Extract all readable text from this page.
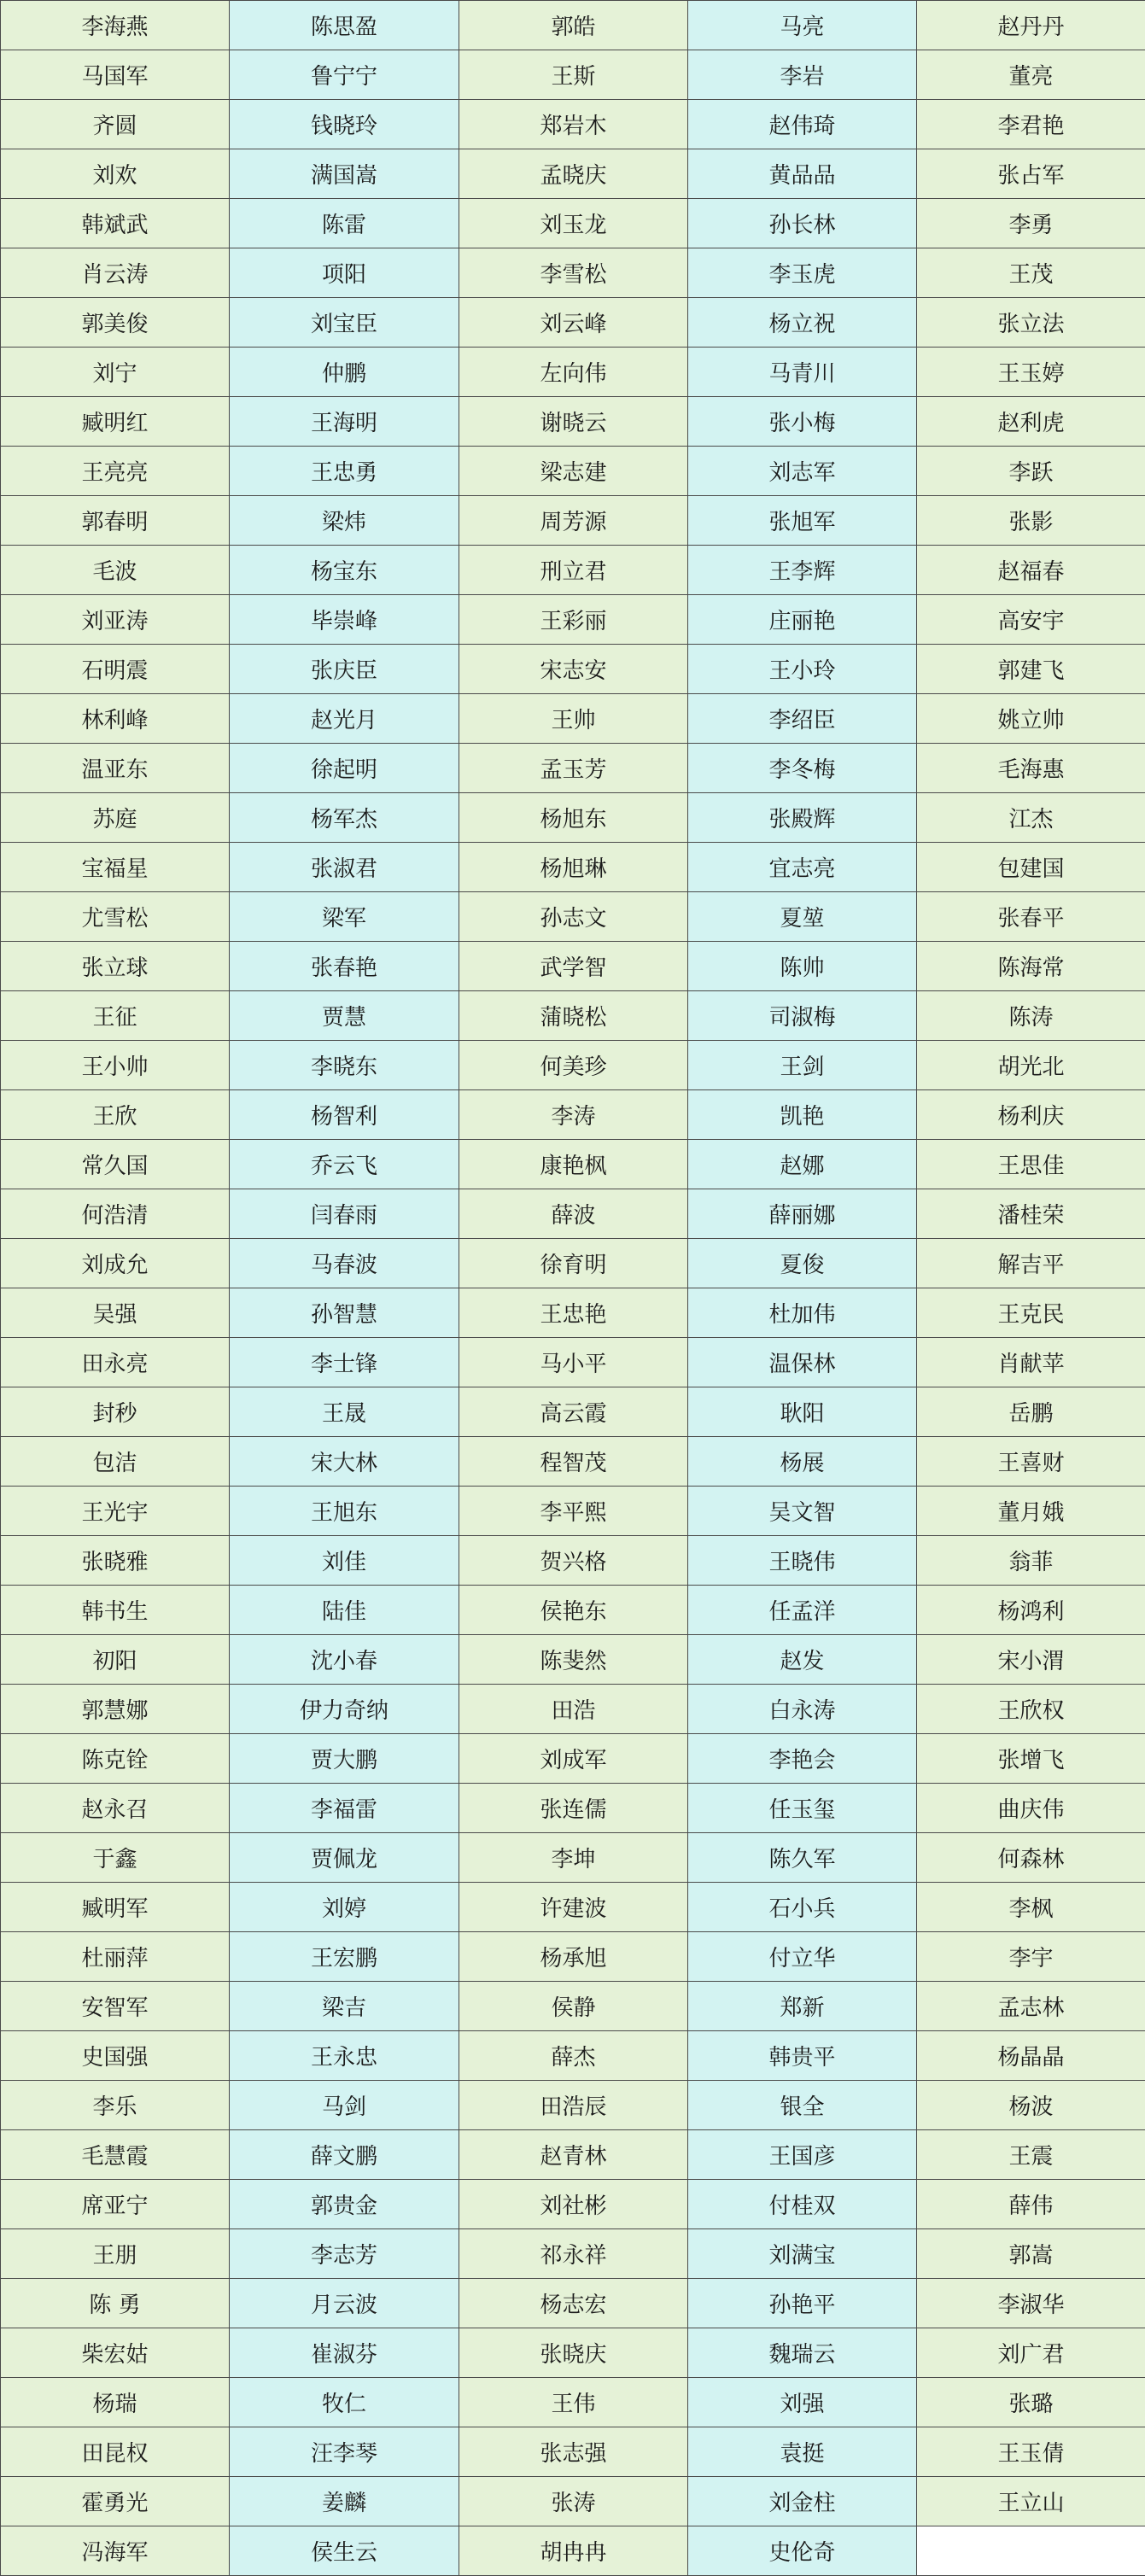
李海燕	陈思盈	郭皓	马亮	赵丹丹
马国军	鲁宁宁	王斯	李岩	董亮
齐圆	钱晓玲	郑岩木	赵伟琦	李君艳
刘欢	满国嵩	孟晓庆	黄品品	张占军
韩斌武	陈雷	刘玉龙	孙长林	李勇
肖云涛	项阳	李雪松	李玉虎	王茂
郭美俊	刘宝臣	刘云峰	杨立祝	张立法
刘宁	仲鹏	左向伟	马青川	王玉婷
臧明红	王海明	谢晓云	张小梅	赵利虎
王亮亮	王忠勇	梁志建	刘志军	李跃
郭春明	梁炜	周芳源	张旭军	张影
毛波	杨宝东	刑立君	王李辉	赵福春
刘亚涛	毕崇峰	王彩丽	庄丽艳	高安宇
石明震	张庆臣	宋志安	王小玲	郭建飞
林利峰	赵光月	王帅	李绍臣	姚立帅
温亚东	徐起明	孟玉芳	李冬梅	毛海惠
苏庭	杨军杰	杨旭东	张殿辉	江杰
宝福星	张淑君	杨旭琳	宜志亮	包建国
尤雪松	梁军	孙志文	夏堃	张春平
张立球	张春艳	武学智	陈帅	陈海常
王征	贾慧	蒲晓松	司淑梅	陈涛
王小帅	李晓东	何美珍	王剑	胡光北
王欣	杨智利	李涛	凯艳	杨利庆
常久国	乔云飞	康艳枫	赵娜	王思佳
何浩清	闫春雨	薛波	薛丽娜	潘桂荣
刘成允	马春波	徐育明	夏俊	解吉平
吴强	孙智慧	王忠艳	杜加伟	王克民
田永亮	李士锋	马小平	温保林	肖献苹
封秒	王晟	高云霞	耿阳	岳鹏
包洁	宋大林	程智茂	杨展	王喜财
王光宇	王旭东	李平熙	吴文智	董月娥
张晓雅	刘佳	贺兴格	王晓伟	翁菲
韩书生	陆佳	侯艳东	任孟洋	杨鸿利
初阳	沈小春	陈斐然	赵发	宋小渭
郭慧娜	伊力奇纳	田浩	白永涛	王欣权
陈克铨	贾大鹏	刘成军	李艳会	张增飞
赵永召	李福雷	张连儒	任玉玺	曲庆伟
于鑫	贾佩龙	李坤	陈久军	何森林
臧明军	刘婷	许建波	石小兵	李枫
杜丽萍	王宏鹏	杨承旭	付立华	李宇
安智军	梁吉	侯静	郑新	孟志林
史国强	王永忠	薛杰	韩贵平	杨晶晶
李乐	马剑	田浩辰	银全	杨波
毛慧霞	薛文鹏	赵青林	王国彦	王震
席亚宁	郭贵金	刘社彬	付桂双	薛伟
王朋	李志芳	祁永祥	刘满宝	郭嵩
陈 勇	月云波	杨志宏	孙艳平	李淑华
柴宏姑	崔淑芬	张晓庆	魏瑞云	刘广君
杨瑞	牧仁	王伟	刘强	张璐
田昆权	汪李琴	张志强	袁挺	王玉倩
霍勇光	姜麟	张涛	刘金柱	王立山
冯海军	侯生云	胡冉冉	史伦奇	
